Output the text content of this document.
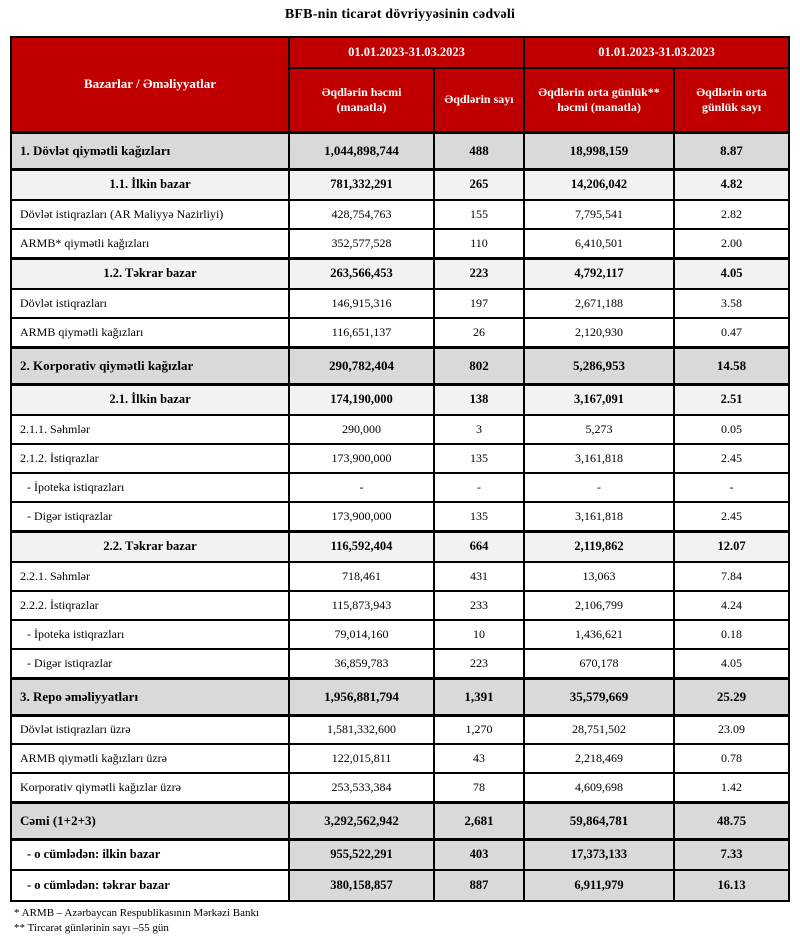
BFB-nin ticarət dövriyyəsinin cədvəli
Bazarlar / Əməliyyatlar	01.01.2023-31.03.2023		01.01.2023-31.03.2023	
	Əqdlərin həcmi (manatla)	Əqdlərin sayı	Əqdlərin orta günlük** həcmi (manatla)	Əqdlərin orta günlük sayı
1. Dövlət qiymətli kağızları	1,044,898,744	488	18,998,159	8.87
1.1. İlkin bazar	781,332,291	265	14,206,042	4.82
Dövlət istiqrazları (AR Maliyyə Nazirliyi)	428,754,763	155	7,795,541	2.82
ARMB* qiymətli kağızları	352,577,528	110	6,410,501	2.00
1.2. Təkrar bazar	263,566,453	223	4,792,117	4.05
Dövlət istiqrazları	146,915,316	197	2,671,188	3.58
ARMB qiymətli kağızları	116,651,137	26	2,120,930	0.47
2. Korporativ qiymətli kağızlar	290,782,404	802	5,286,953	14.58
2.1. İlkin bazar	174,190,000	138	3,167,091	2.51
2.1.1. Səhmlər	290,000	3	5,273	0.05
2.1.2. İstiqrazlar	173,900,000	135	3,161,818	2.45
- İpoteka istiqrazları	-	-	-	-
- Digər istiqrazlar	173,900,000	135	3,161,818	2.45
2.2. Təkrar bazar	116,592,404	664	2,119,862	12.07
2.2.1. Səhmlər	718,461	431	13,063	7.84
2.2.2. İstiqrazlar	115,873,943	233	2,106,799	4.24
- İpoteka istiqrazları	79,014,160	10	1,436,621	0.18
- Digər istiqrazlar	36,859,783	223	670,178	4.05
3. Repo əməliyyatları	1,956,881,794	1,391	35,579,669	25.29
Dövlət istiqrazları üzrə	1,581,332,600	1,270	28,751,502	23.09
ARMB qiymətli kağızları üzrə	122,015,811	43	2,218,469	0.78
Korporativ qiymətli kağızlar üzrə	253,533,384	78	4,609,698	1.42
Cəmi (1+2+3)	3,292,562,942	2,681	59,864,781	48.75
- o cümlədən: ilkin bazar	955,522,291	403	17,373,133	7.33
- o cümlədən: təkrar bazar	380,158,857	887	6,911,979	16.13
* ARMB – Azərbaycan Respublikasının Mərkəzi Bankı
** Tircarət günlərinin sayı –55 gün
